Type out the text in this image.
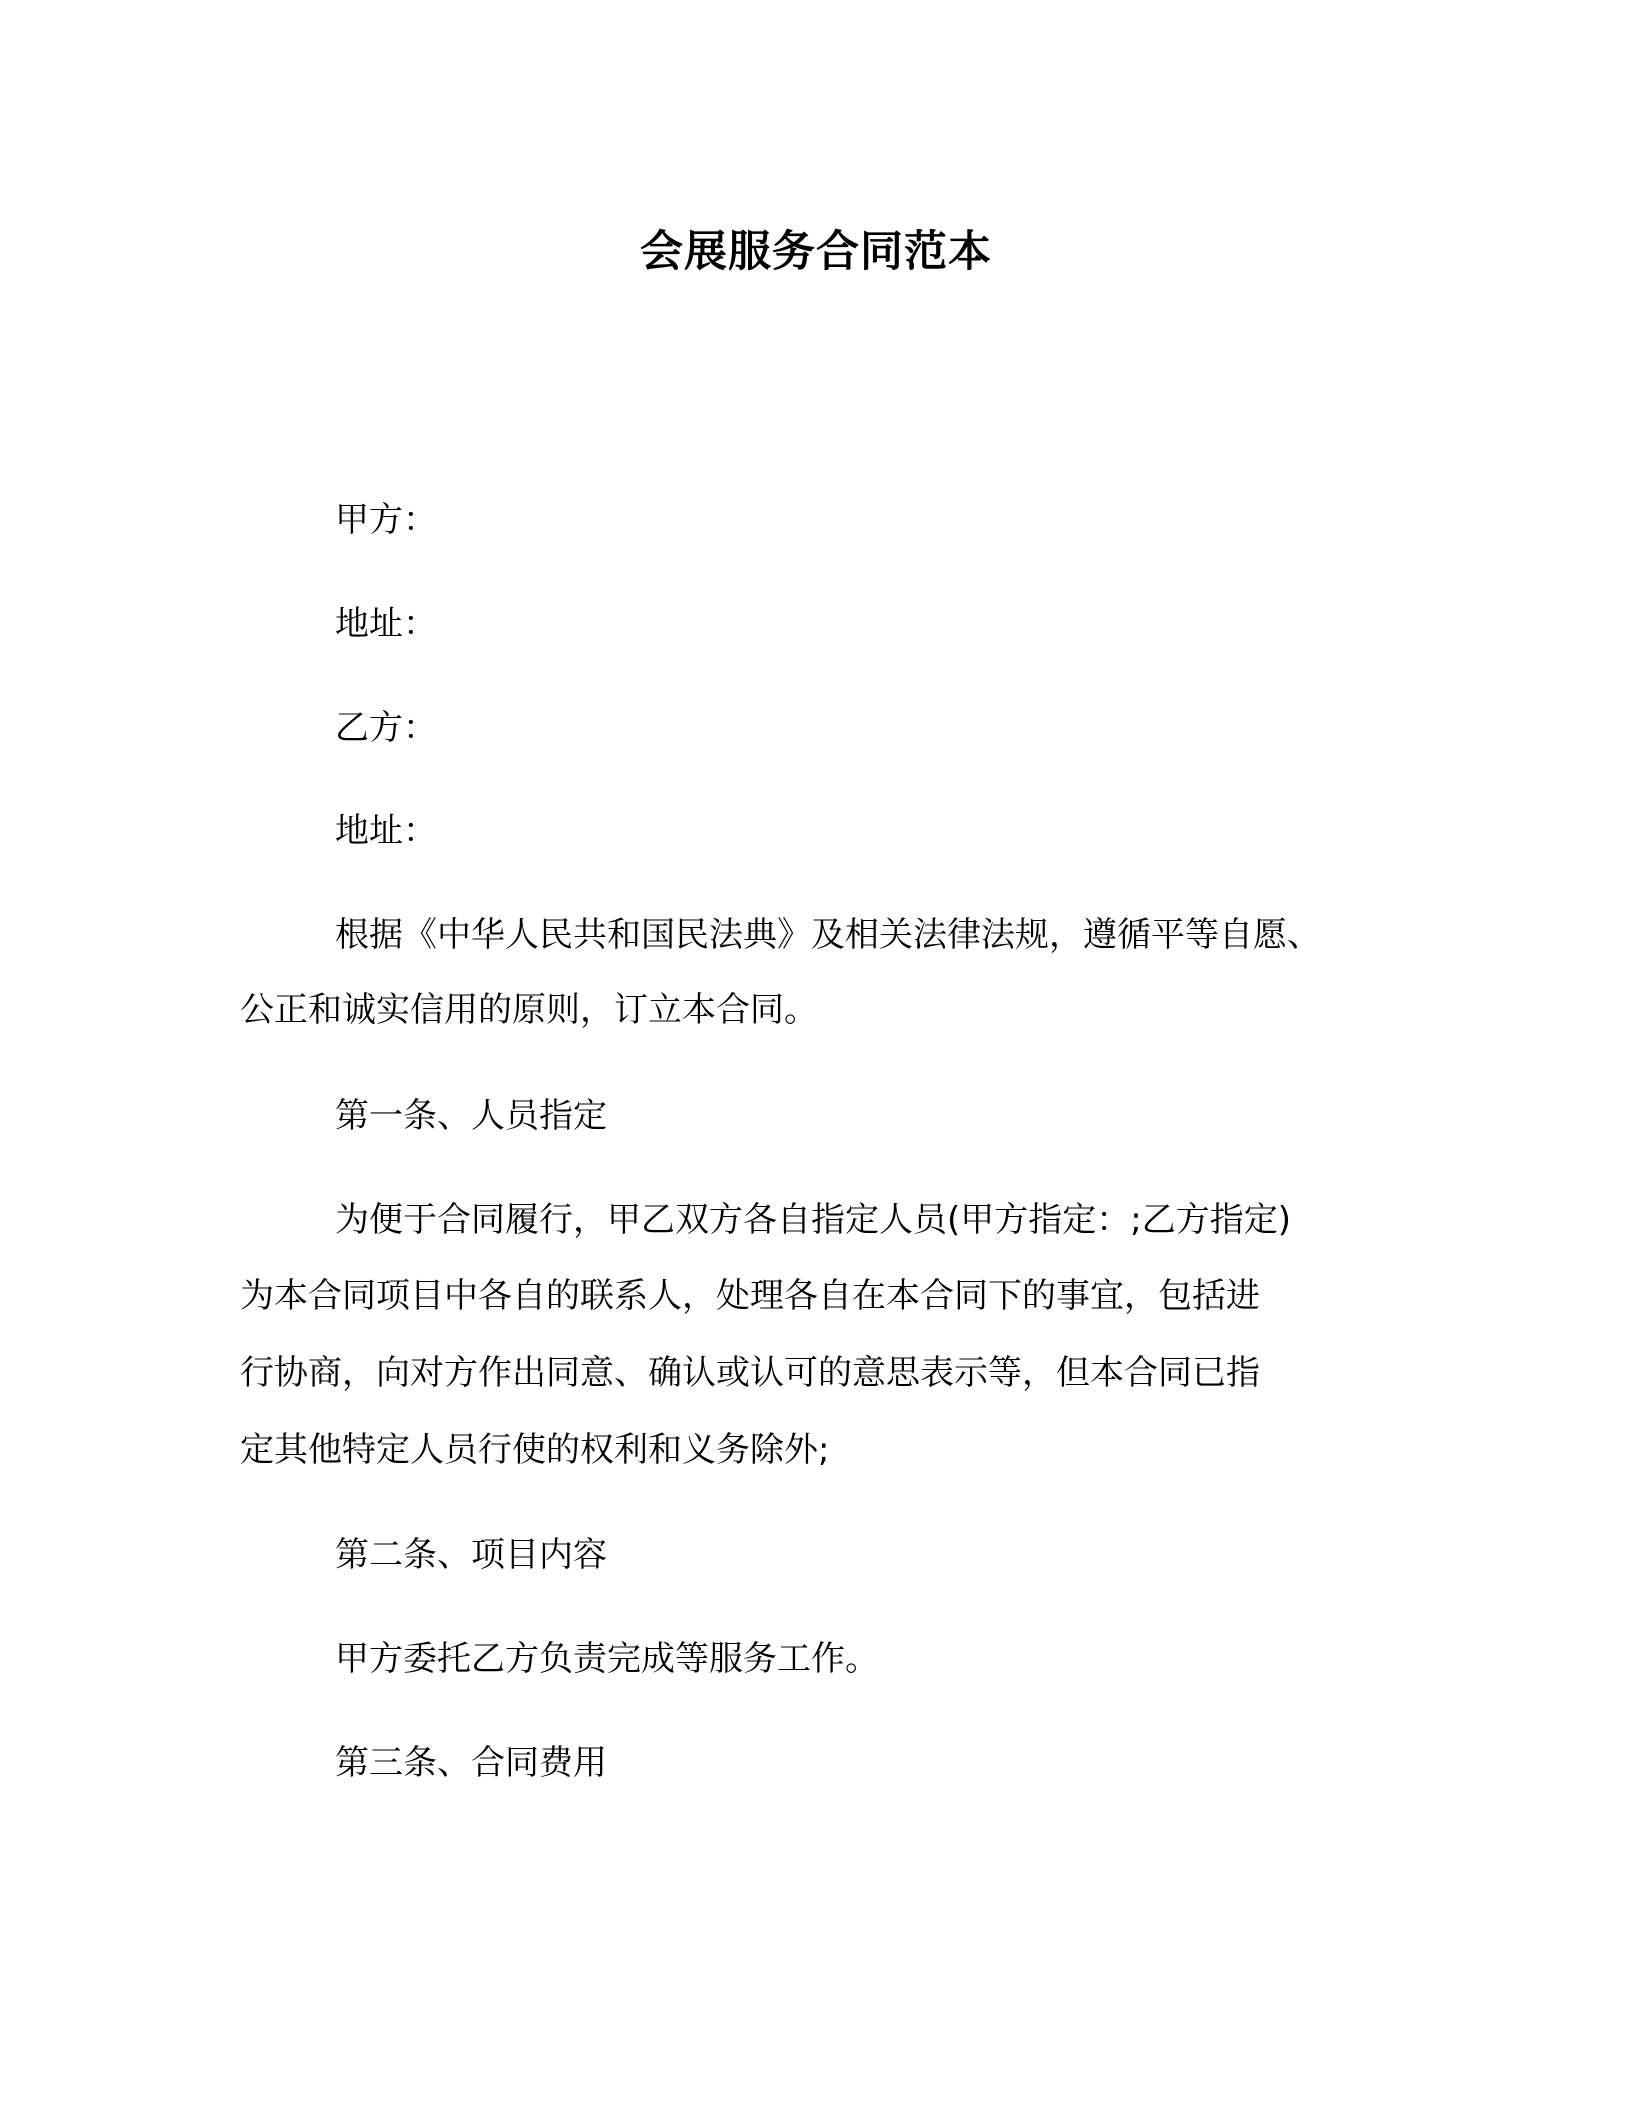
会展服务合同范本
甲方：
地址：
乙方：
地址：
根据《中华人民共和国民法典》及相关法律法规，遵循平等自愿、
公正和诚实信用的原则，订立本合同。
第一条、人员指定
为便于合同履行，甲乙双方各自指定人员(甲方指定：;乙方指定)
为本合同项目中各自的联系人，处理各自在本合同下的事宜，包括进
行协商，向对方作出同意、确认或认可的意思表示等，但本合同已指
定其他特定人员行使的权利和义务除外;
第二条、项目内容
甲方委托乙方负责完成等服务工作。
第三条、合同费用
